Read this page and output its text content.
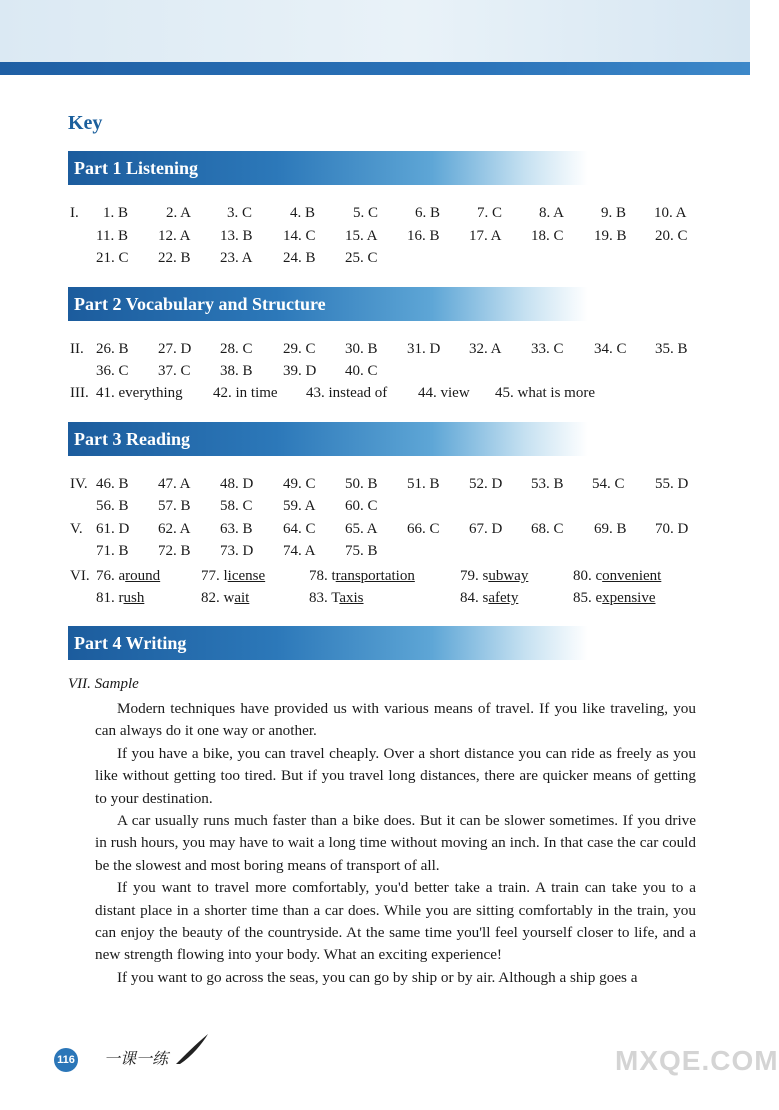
Key
Part 1 Listening
I. 1. B	2. A 3. C	4. B	5. C 6. B 7. C 8. A 9. B 10. A
11. B 12. A 13. B 14. C 15. A 16. B 17. A 18. C 19. B 20. C
21. C 22. B 23. A 24. B 25. C
Part 2 Vocabulary and Structure
II. 26. B 27. D 28. C 29. C 30. B 31. D 32. A 33. C 34. C 35. B
36. C 37. C 38. B 39. D 40. C
III. 41. everything 42. in time 43. instead of 44. view 45. what is more
Part 3 Reading
IV. 46. B 47. A 48. D 49. C 50. B 51. B 52. D 53. B 54. C 55. D
56. B 57. B 58. C 59. A 60. C
V. 61. D 62. A 63. B 64. C 65. A 66. C 67. D 68. C 69. B 70. D
71. B 72. B 73. D 74. A 75. B
VI. 76. around	77. license	78. transportation	79. subway	80. convenient
81. rush	82. wait	83. Taxis	84. safety	85. expensive
Part 4 Writing
VII. Sample

Modern techniques have provided us with various means of travel. If you like traveling, you can always do it one way or another.

If you have a bike, you can travel cheaply. Over a short distance you can ride as freely as you like without getting too tired. But if you travel long distances, there are quicker means of getting to your destination.

A car usually runs much faster than a bike does. But it can be slower sometimes. If you drive in rush hours, you may have to wait a long time without moving an inch. In that case the car could be the slowest and most boring means of transport of all.

If you want to travel more comfortably, you'd better take a train. A train can take you to a distant place in a shorter time than a car does. While you are sitting comfortably in the train, you can enjoy the beauty of the countryside. At the same time you'll feel yourself closer to life, and a new strength flowing into your body. What an exciting experience!

If you want to go across the seas, you can go by ship or by air. Although a ship goes a

116 一课一练	MXQE.COM
